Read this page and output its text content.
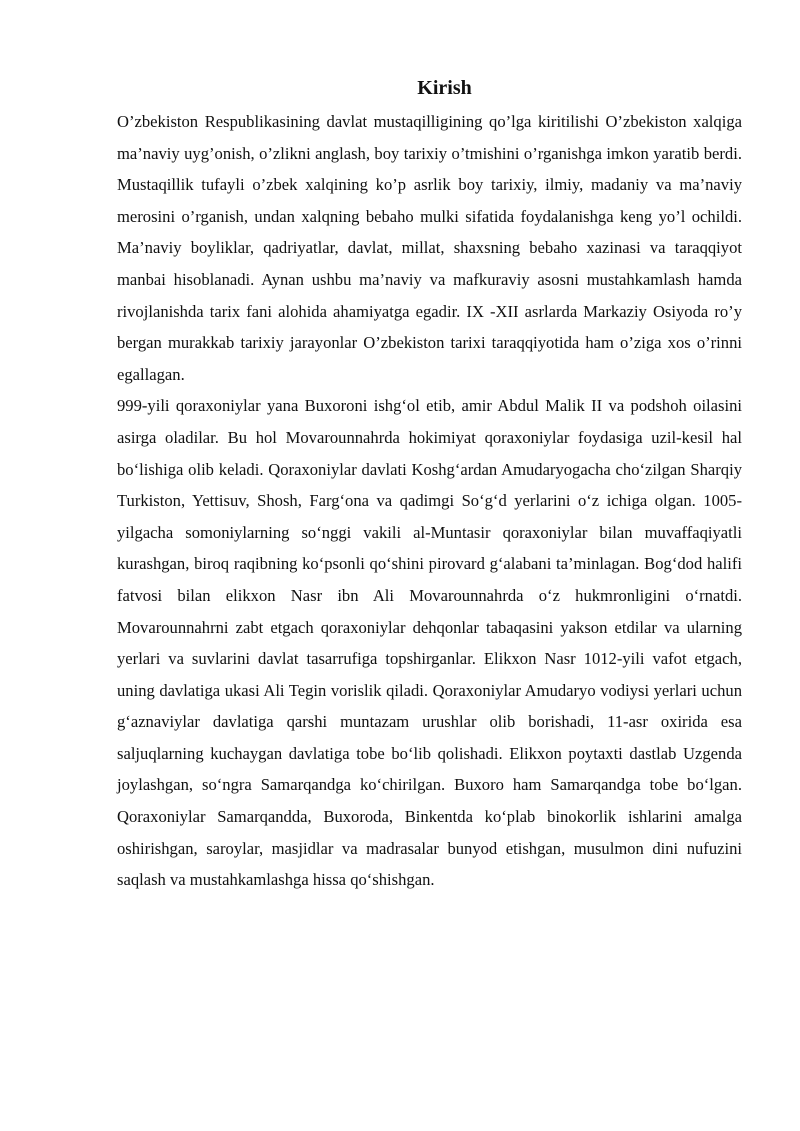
Kirish

O’zbekiston Respublikasining davlat mustaqilligining qo’lga kiritilishi O’zbekiston xalqiga ma’naviy uyg’onish, o’zlikni anglash, boy tarixiy o’tmishini o’rganishga imkon yaratib berdi. Mustaqillik tufayli o’zbek xalqining ko’p asrlik boy tarixiy, ilmiy, madaniy va ma’naviy merosini o’rganish, undan xalqning bebaho mulki sifatida foydalanishga keng yo’l ochildi. Ma’naviy boyliklar, qadriyatlar, davlat, millat, shaxsning bebaho xazinasi va taraqqiyot manbai hisoblanadi. Aynan ushbu ma’naviy va mafkuraviy asosni mustahkamlash hamda rivojlanishda tarix fani alohida ahamiyatga egadir. IX -XII asrlarda Markaziy Osiyoda ro’y bergan murakkab tarixiy jarayonlar O’zbekiston tarixi taraqqiyotida ham o’ziga xos o’rinni egallagan.

999-yili qoraxoniylar yana Buxoroni ishg‘ol etib, amir Abdul Malik II va podshoh oilasini asirga oladilar. Bu hol Movarounnahrda hokimiyat qoraxoniylar foydasiga uzil-kesil hal bo‘lishiga olib keladi. Qoraxoniylar davlati Koshg‘ardan Amudaryogacha cho‘zilgan Sharqiy Turkiston, Yettisuv, Shosh, Farg‘ona va qadimgi So‘g‘d yerlarini o‘z ichiga olgan. 1005-yilgacha somoniylarning so‘nggi vakili al-Muntasir qoraxoniylar bilan muvaffaqiyatli kurashgan, biroq raqibning ko‘psonli qo‘shini pirovard g‘alabani ta’minlagan. Bog‘dod halifi fatvosi bilan elikxon Nasr ibn Ali Movarounnahrda o‘z hukmronligini o‘rnatdi. Movarounnahrni zabt etgach qoraxoniylar dehqonlar tabaqasini yakson etdilar va ularning yerlari va suvlarini davlat tasarrufiga topshirganlar. Elikxon Nasr 1012-yili vafot etgach, uning davlatiga ukasi Ali Tegin vorislik qiladi. Qoraxoniylar Amudaryo vodiysi yerlari uchun g‘aznaviylar davlatiga qarshi muntazam urushlar olib borishadi, 11-asr oxirida esa saljuqlarning kuchaygan davlatiga tobe bo‘lib qolishadi. Elikxon poytaxti dastlab Uzgenda joylashgan, so‘ngra Samarqandga ko‘chirilgan. Buxoro ham Samarqandga tobe bo‘lgan. Qoraxoniylar Samarqandda, Buxoroda, Binkentda ko‘plab binokorlik ishlarini amalga oshirishgan, saroylar, masjidlar va madrasalar bunyod etishgan, musulmon dini nufuzini saqlash va mustahkamlashga hissa qo‘shishgan.
